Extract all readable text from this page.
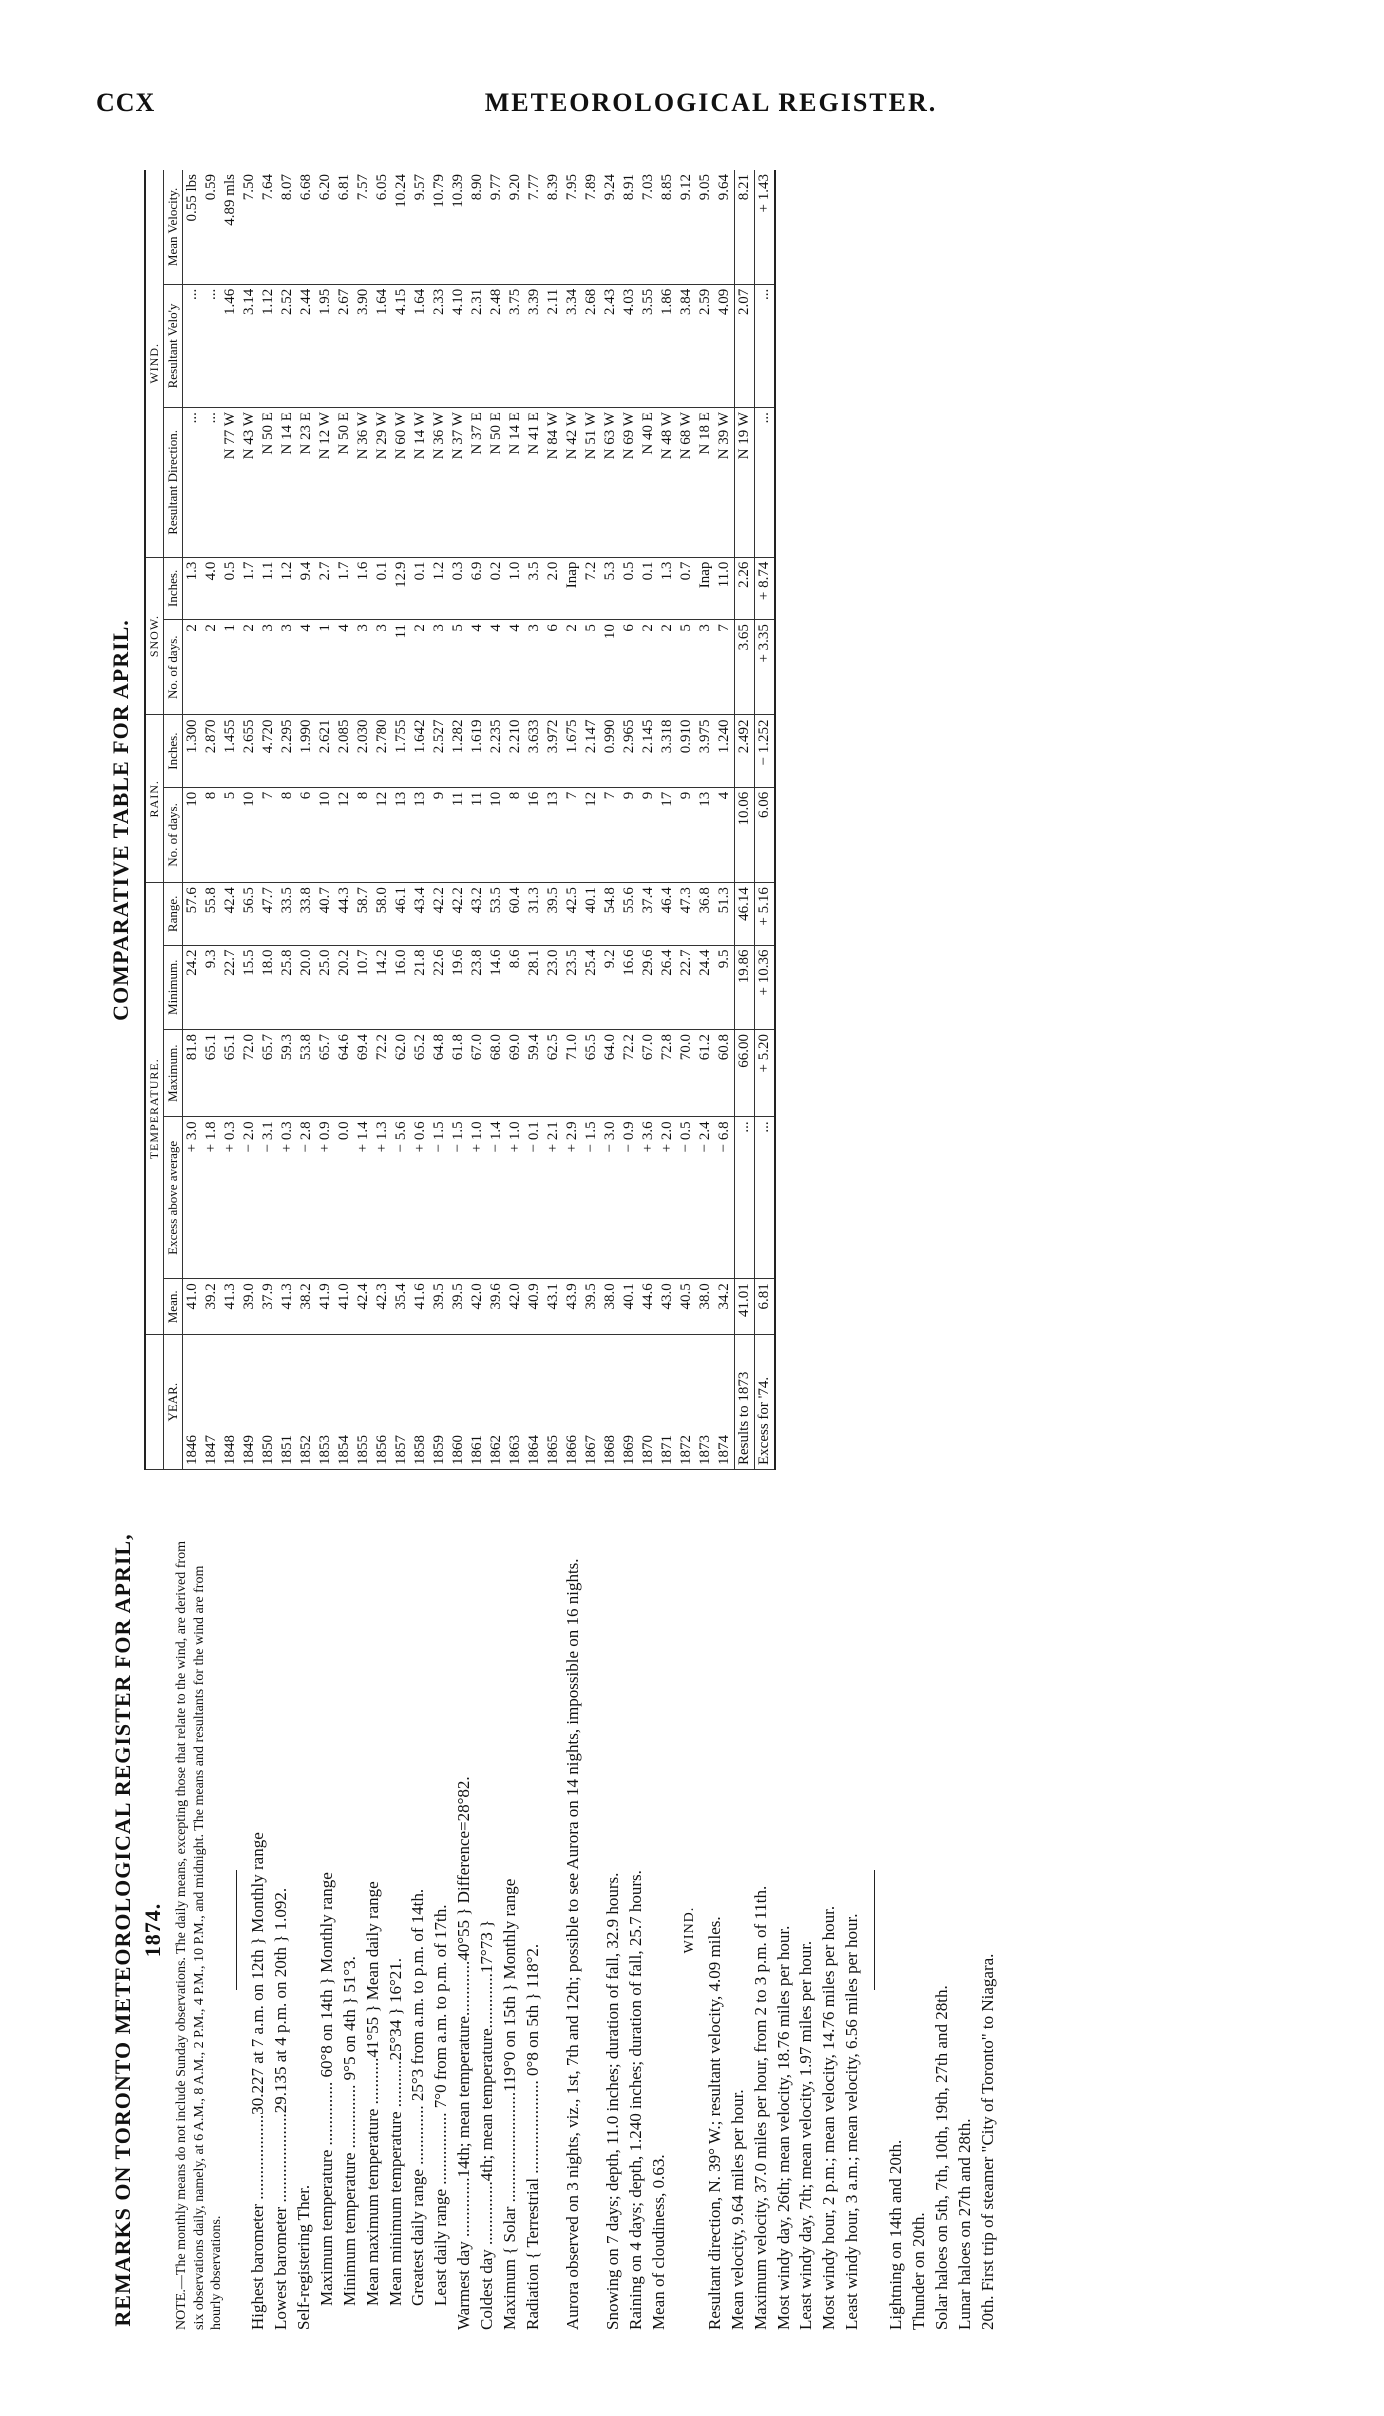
CCX	METEOROLOGICAL REGISTER.
REMARKS ON TORONTO METEOROLOGICAL REGISTER FOR APRIL, 1874. NOTE.—The monthly means do not include Sunday observations. The daily means, excepting those that relate to the wind, are derived from six observations daily, namely, at 6 A.M., 8 A.M., 2 P.M., 4 P.M., 10 P.M., and midnight. The means and resultants for the wind are from hourly observations. Highest barometer ....................30.227 at 7 a.m. on 12th } Monthly range Lowest barometer .....................29.135 at 4 p.m. on 20th } 1.092. Self-registering Ther. Maximum temperature ............... 60°8 on 14th } Monthly range Minimum temperature ............... 9°5 on 4th } 51°3. Mean maximum temperature ...........41°55 } Mean daily range Mean minimum temperature ...........25°34 } 16°21. Greatest daily range .............. 25°3 from a.m. to p.m. of 14th. Least daily range ................. 7°0 from a.m. to p.m. of 17th. Warmest day ..............14th; mean temperature.............40°55 } Difference=28°82. Coldest day ...............4th; mean temperature.............17°73 } Maximum { Solar ..........................119°0 on 15th } Monthly range Radiation { Terrestrial ...................... 0°8 on 5th } 118°2. Aurora observed on 3 nights, viz., 1st, 7th and 12th; possible to see Aurora on 14 nights, impossible on 16 nights. Snowing on 7 days; depth, 11.0 inches; duration of fall, 32.9 hours. Raining on 4 days; depth, 1.240 inches; duration of fall, 25.7 hours. Mean of cloudiness, 0.63.

WIND. Resultant direction, N. 39° W.; resultant velocity, 4.09 miles. Mean velocity, 9.64 miles per hour. Maximum velocity, 37.0 miles per hour, from 2 to 3 p.m. of 11th. Most windy day, 26th; mean velocity, 18.76 miles per hour. Least windy day, 7th; mean velocity, 1.97 miles per hour. Most windy hour, 2 p.m.; mean velocity, 14.76 miles per hour. Least windy hour, 3 a.m.; mean velocity, 6.56 miles per hour. Lightning on 14th and 20th. Thunder on 20th. Solar haloes on 5th, 7th, 10th, 19th, 27th and 28th. Lunar haloes on 27th and 28th. 20th. First trip of steamer "City of Toronto" to Niagara.

COMPARATIVE TABLE FOR APRIL.
	TEMPERATURE.					RAIN.		SNOW.		WIND.		
YEAR.	Mean.	Excess above average	Maximum.	Minimum.	Range.	No. of days.	Inches.	No. of days.	Inches.	Resultant Direction.	Resultant Velo'y	Mean Velocity.
1846	41.0	+ 3.0	81.8	24.2	57.6	10	1.300	2	1.3	...	...	0.55 lbs
1847	39.2	+ 1.8	65.1	9.3	55.8	8	2.870	2	4.0	...	...	0.59
1848	41.3	+ 0.3	65.1	22.7	42.4	5	1.455	1	0.5	N 77 W	1.46	4.89 mls
1849	39.0	− 2.0	72.0	15.5	56.5	10	2.655	2	1.7	N 43 W	3.14	7.50
1850	37.9	− 3.1	65.7	18.0	47.7	7	4.720	3	1.1	N 50 E	1.12	7.64
1851	41.3	+ 0.3	59.3	25.8	33.5	8	2.295	3	1.2	N 14 E	2.52	8.07
1852	38.2	− 2.8	53.8	20.0	33.8	6	1.990	4	9.4	N 23 E	2.44	6.68
1853	41.9	+ 0.9	65.7	25.0	40.7	10	2.621	1	2.7	N 12 W	1.95	6.20
1854	41.0	0.0	64.6	20.2	44.3	12	2.085	4	1.7	N 50 E	2.67	6.81
1855	42.4	+ 1.4	69.4	10.7	58.7	8	2.030	3	1.6	N 36 W	3.90	7.57
1856	42.3	+ 1.3	72.2	14.2	58.0	12	2.780	3	0.1	N 29 W	1.64	6.05
1857	35.4	− 5.6	62.0	16.0	46.1	13	1.755	11	12.9	N 60 W	4.15	10.24
1858	41.6	+ 0.6	65.2	21.8	43.4	13	1.642	2	0.1	N 14 W	1.64	9.57
1859	39.5	− 1.5	64.8	22.6	42.2	9	2.527	3	1.2	N 36 W	2.33	10.79
1860	39.5	− 1.5	61.8	19.6	42.2	11	1.282	5	0.3	N 37 W	4.10	10.39
1861	42.0	+ 1.0	67.0	23.8	43.2	11	1.619	4	6.9	N 37 E	2.31	8.90
1862	39.6	− 1.4	68.0	14.6	53.5	10	2.235	4	0.2	N 50 E	2.48	9.77
1863	42.0	+ 1.0	69.0	8.6	60.4	8	2.210	4	1.0	N 14 E	3.75	9.20
1864	40.9	− 0.1	59.4	28.1	31.3	16	3.633	3	3.5	N 41 E	3.39	7.77
1865	43.1	+ 2.1	62.5	23.0	39.5	13	3.972	6	2.0	N 84 W	2.11	8.39
1866	43.9	+ 2.9	71.0	23.5	42.5	7	1.675	2	Inap	N 42 W	3.34	7.95
1867	39.5	− 1.5	65.5	25.4	40.1	12	2.147	5	7.2	N 51 W	2.68	7.89
1868	38.0	− 3.0	64.0	9.2	54.8	7	0.990	10	5.3	N 63 W	2.43	9.24
1869	40.1	− 0.9	72.2	16.6	55.6	9	2.965	6	0.5	N 69 W	4.03	8.91
1870	44.6	+ 3.6	67.0	29.6	37.4	9	2.145	2	0.1	N 40 E	3.55	7.03
1871	43.0	+ 2.0	72.8	26.4	46.4	17	3.318	2	1.3	N 48 W	1.86	8.85
1872	40.5	− 0.5	70.0	22.7	47.3	9	0.910	5	0.7	N 68 W	3.84	9.12
1873	38.0	− 2.4	61.2	24.4	36.8	13	3.975	3	Inap	N 18 E	2.59	9.05
1874	34.2	− 6.8	60.8	9.5	51.3	4	1.240	7	11.0	N 39 W	4.09	9.64
Results to 1873	41.01	...	66.00	19.86	46.14	10.06	2.492	3.65	2.26	N 19 W	2.07	8.21
Excess for '74.	6.81	...	+ 5.20	+ 10.36	+ 5.16	6.06	− 1.252	+ 3.35	+ 8.74	...	...	+ 1.43
